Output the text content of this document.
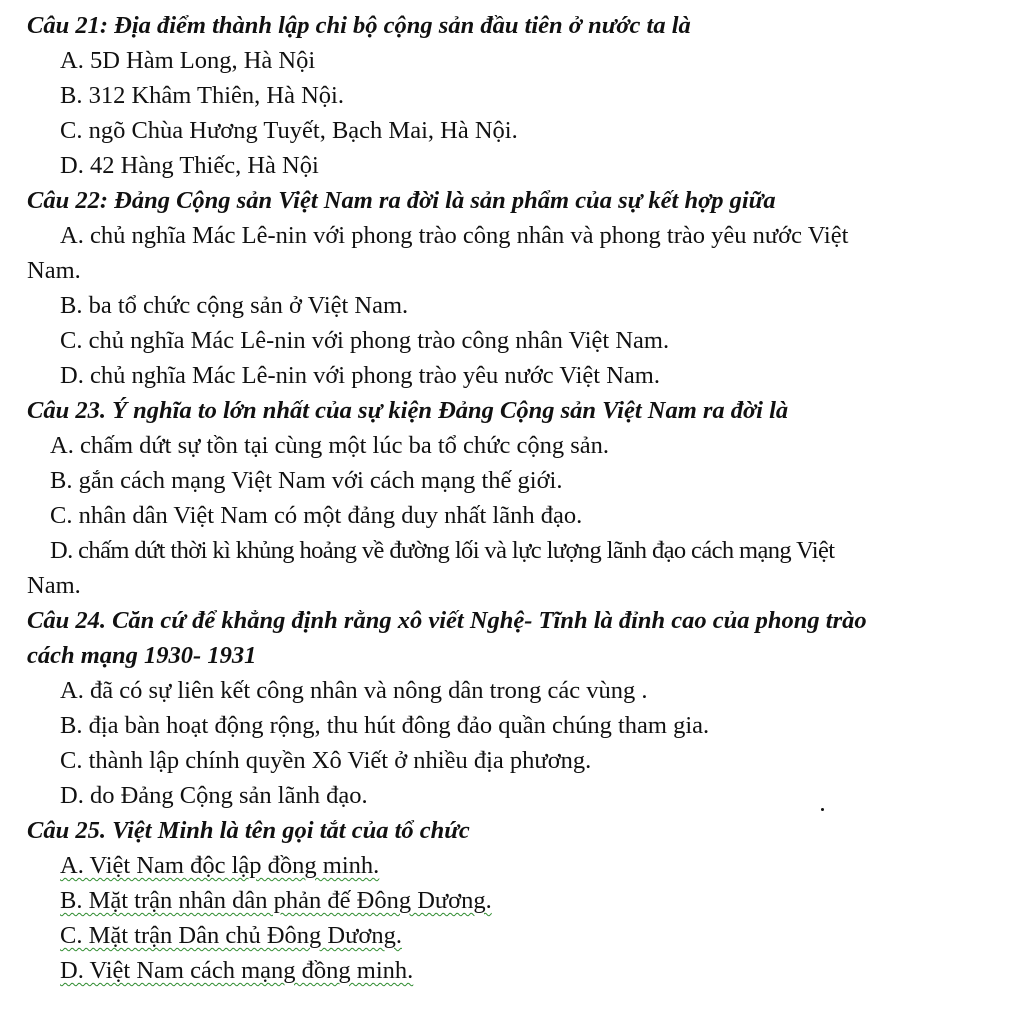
Câu 21: Địa điểm thành lập chi bộ cộng sản đầu tiên ở nước ta là
A. 5D Hàm Long, Hà Nội
B. 312 Khâm Thiên, Hà Nội.
C. ngõ Chùa Hương Tuyết, Bạch Mai, Hà Nội.
D. 42 Hàng Thiếc, Hà Nội
Câu 22: Đảng Cộng sản Việt Nam ra đời là sản phẩm của sự kết hợp giữa
A. chủ nghĩa Mác Lê-nin với phong trào công nhân và phong trào yêu nước Việt
Nam.
B. ba tổ chức cộng sản ở Việt Nam.
C. chủ nghĩa Mác Lê-nin với phong trào công nhân Việt Nam.
D. chủ nghĩa Mác Lê-nin với phong trào yêu nước Việt Nam.
Câu 23. Ý nghĩa to lớn nhất của sự kiện Đảng Cộng sản Việt Nam ra đời là
A. chấm dứt sự tồn tại cùng một lúc ba tổ chức cộng sản.
B. gắn cách mạng Việt Nam với cách mạng thế giới.
C. nhân dân Việt Nam có một đảng duy nhất lãnh đạo.
D. chấm dứt thời kì khủng hoảng về đường lối và lực lượng lãnh đạo cách mạng Việt
Nam.
Câu 24. Căn cứ để khẳng định rằng xô viết Nghệ- Tĩnh là đỉnh cao của phong trào
cách mạng 1930- 1931
A. đã có sự liên kết công nhân và nông dân trong các vùng .
B. địa bàn hoạt động rộng, thu hút đông đảo quần chúng tham gia.
C. thành lập chính quyền Xô Viết ở nhiều địa phương.
D. do Đảng Cộng sản lãnh đạo.
Câu 25. Việt Minh là tên gọi tắt của tổ chức
A. Việt Nam độc lập đồng minh.
B. Mặt trận nhân dân phản đế Đông Dương.
C. Mặt trận Dân chủ Đông Dương.
D. Việt Nam cách mạng đồng minh.
